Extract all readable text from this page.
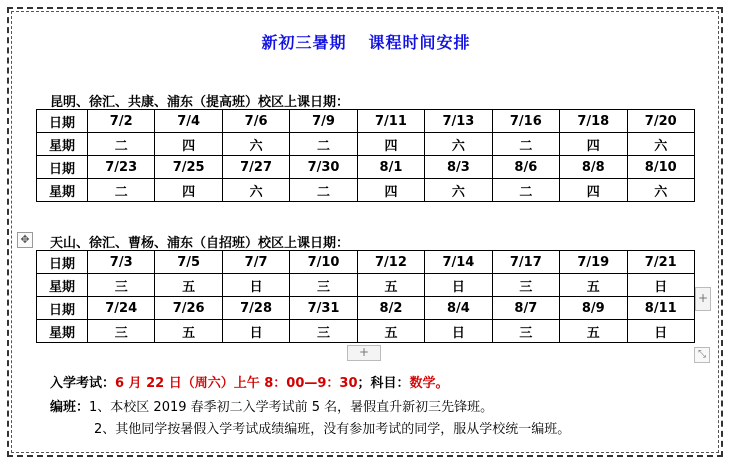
新初三暑期 课程时间安排
昆明、徐汇、共康、浦东（提高班）校区上课日期：
日期	7/2	7/4	7/6	7/9	7/11	7/13	7/16	7/18	7/20
星期	二	四	六	二	四	六	二	四	六
日期	7/23	7/25	7/27	7/30	8/1	8/3	8/6	8/8	8/10
星期	二	四	六	二	四	六	二	四	六
✥ 天山、徐汇、曹杨、浦东（自招班）校区上课日期：
日期	7/3	7/5	7/7	7/10	7/12	7/14	7/17	7/19	7/21
星期	三	五	日	三	五	日	三	五	日
日期	7/24	7/26	7/28	7/31	8/2	8/4	8/7	8/9	8/11
星期	三	五	日	三	五	日	三	五	日
+
+	⤡
入学考试：6 月 22 日（周六）上午 8：00—9：30；科目：数学。
编班：1、本校区 2019 春季初二入学考试前 5 名，暑假直升新初三先锋班。
2、其他同学按暑假入学考试成绩编班，没有参加考试的同学，服从学校统一编班。
